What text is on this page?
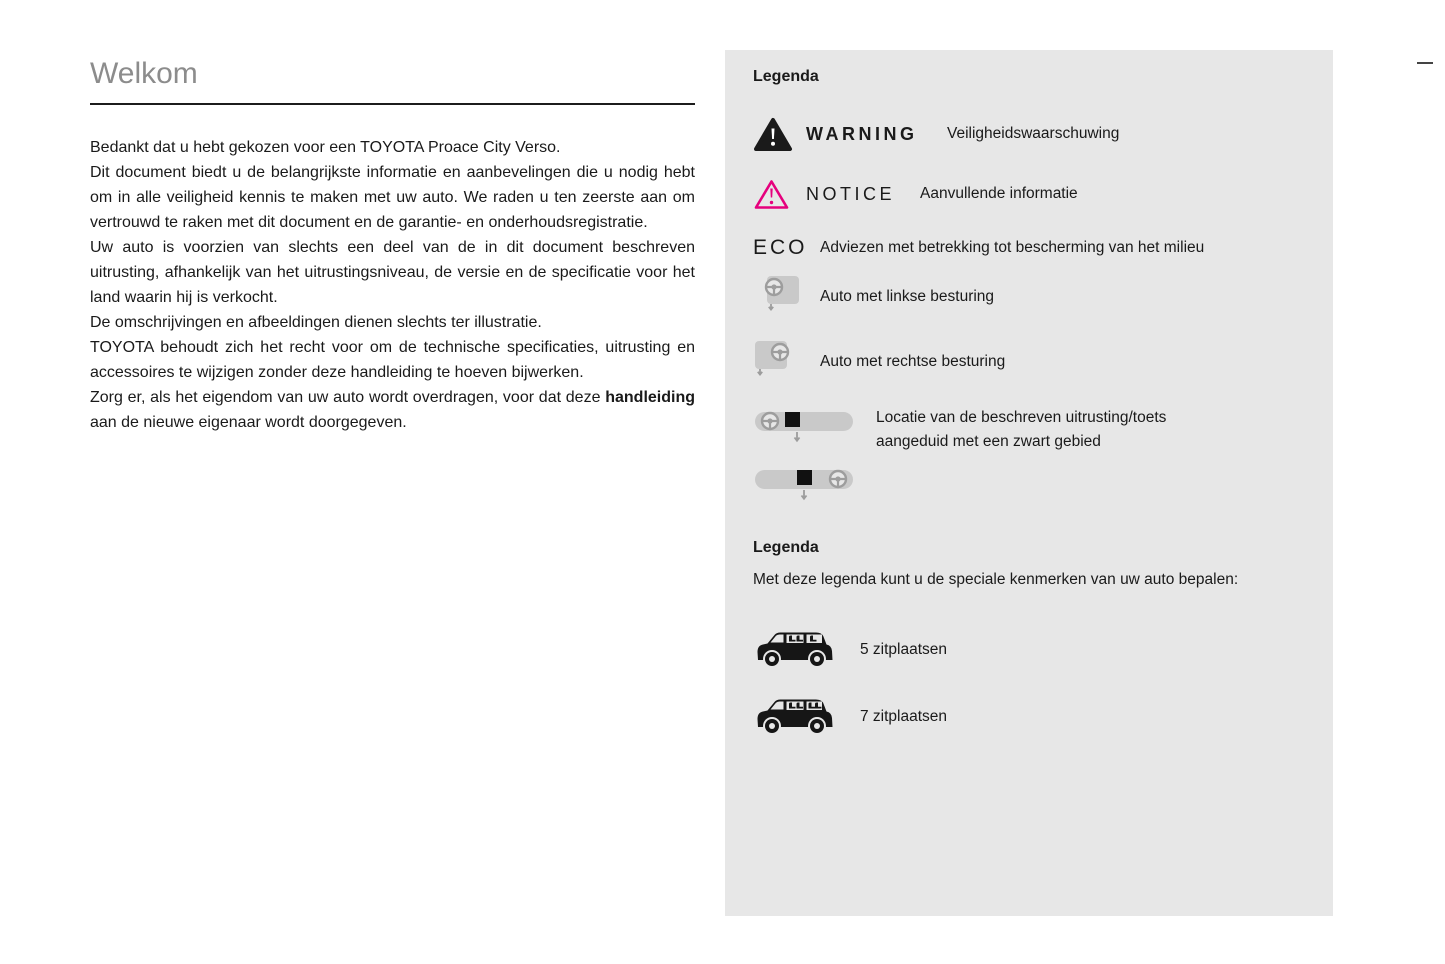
Welkom

Bedankt dat u hebt gekozen voor een TOYOTA Proace City Verso.

Dit document biedt u de belangrijkste informatie en aanbevelingen die u nodig hebt om in alle veiligheid kennis te maken met uw auto. We raden u ten zeerste aan om vertrouwd te raken met dit document en de garantie- en onderhoudsregistratie.

Uw auto is voorzien van slechts een deel van de in dit document beschreven uitrusting, afhankelijk van het uitrustingsniveau, de versie en de specificatie voor het land waarin hij is verkocht.

De omschrijvingen en afbeeldingen dienen slechts ter illustratie.

TOYOTA behoudt zich het recht voor om de technische specificaties, uitrusting en accessoires te wijzigen zonder deze handleiding te hoeven bijwerken.

Zorg er, als het eigendom van uw auto wordt overdragen, voor dat deze handleiding aan de nieuwe eigenaar wordt doorgegeven.

Legenda
WARNING	Veiligheidswaarschuwing
NOTICE	Aanvullende informatie
ECO Adviezen met betrekking tot bescherming van het milieu
Auto met linkse besturing
Auto met rechtse besturing
Locatie van de beschreven uitrusting/toets aangeduid met een zwart gebied
Legenda

Met deze legenda kunt u de speciale kenmerken van uw auto bepalen:

5 zitplaatsen
7 zitplaatsen
